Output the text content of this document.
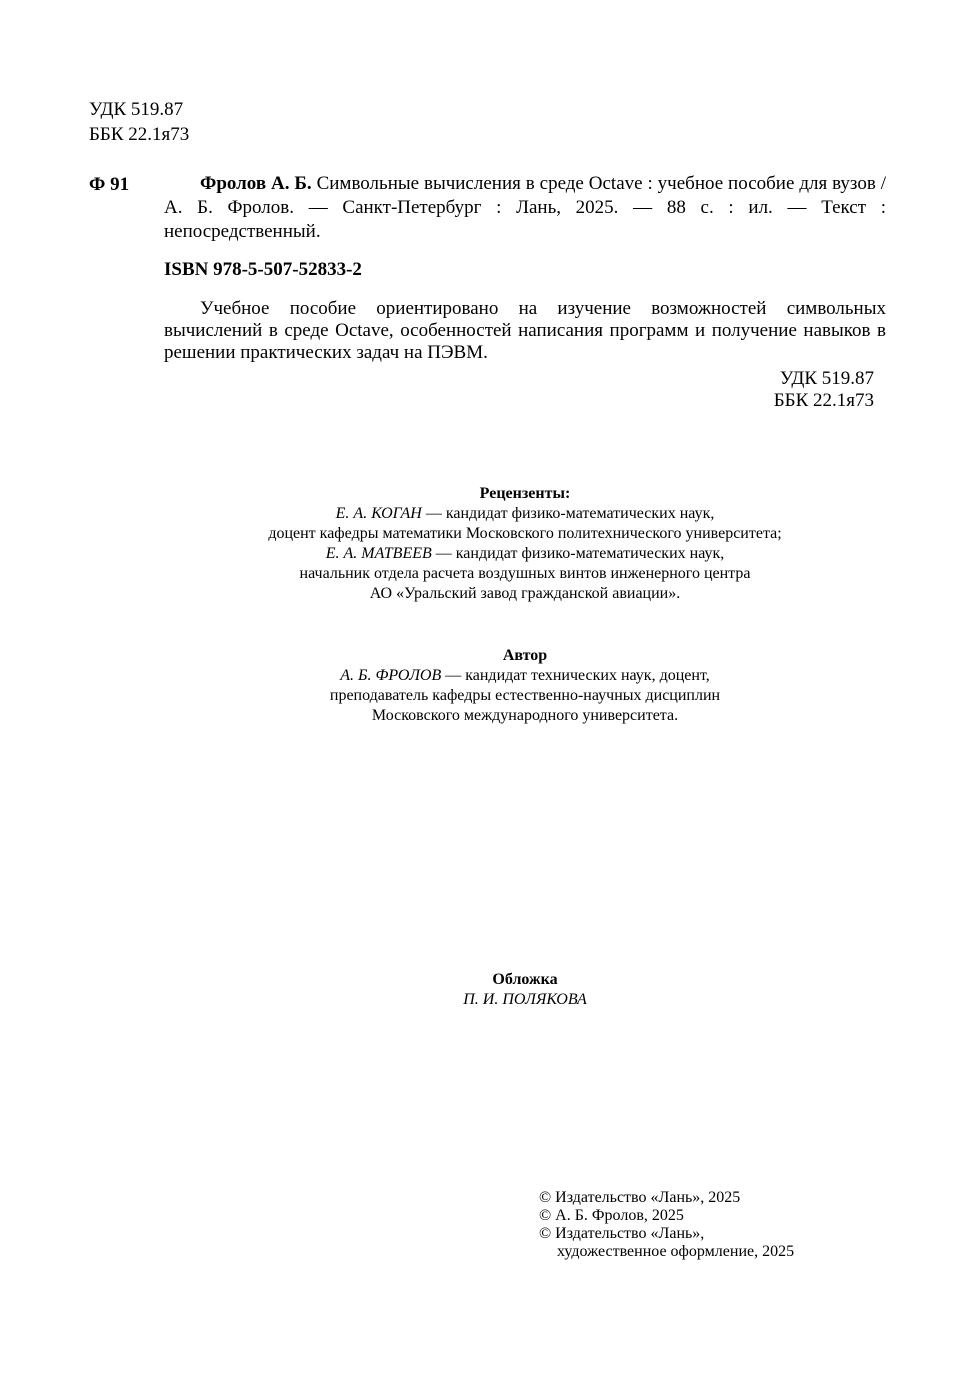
УДК 519.87
ББК 22.1я73
Ф 91	Фролов А. Б. Символьные вычисления в среде Octave : учебное пособие для вузов / А. Б. Фролов. — Санкт-Петербург : Лань, 2025. — 88 с. : ил. — Текст : непосредственный.

ISBN 978-5-507-52833-2

Учебное пособие ориентировано на изучение возможностей символьных вычислений в среде Octave, особенностей написания программ и получение навыков в решении практических задач на ПЭВМ.

УДК 519.87
ББК 22.1я73
Рецензенты:
Е. А. КОГАН — кандидат физико-математических наук,
доцент кафедры математики Московского политехнического университета;
Е. А. МАТВЕЕВ — кандидат физико-математических наук,
начальник отдела расчета воздушных винтов инженерного центра
АО «Уральский завод гражданской авиации».
Автор
А. Б. ФРОЛОВ — кандидат технических наук, доцент,
преподаватель кафедры естественно-научных дисциплин
Московского международного университета.
Обложка
П. И. ПОЛЯКОВА
© Издательство «Лань», 2025
© А. Б. Фролов, 2025
© Издательство «Лань»,
художественное оформление, 2025
